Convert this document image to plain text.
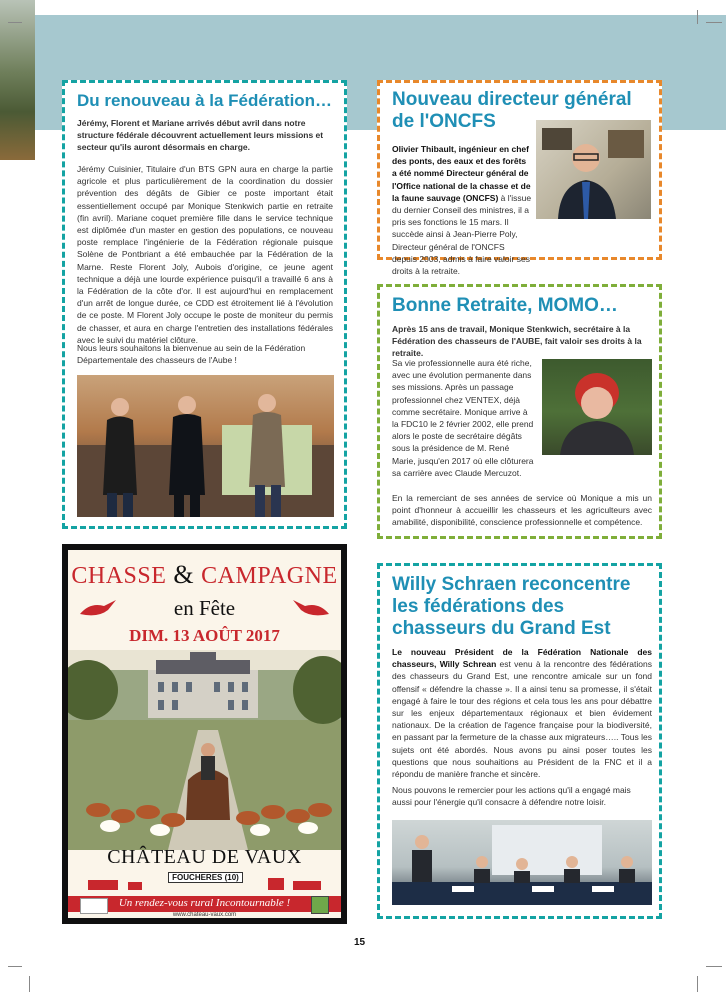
Du renouveau à la Fédération…

Jérémy, Florent et Mariane arrivés début avril dans notre structure fédérale découvrent actuellement leurs missions et secteur qu'ils auront désormais en charge.

Jérémy Cuisinier, Titulaire d'un BTS GPN aura en charge la partie agricole et plus particulièrement de la coordination du dossier prévention des dégâts de Gibier ce poste important était essentiellement occupé par Monique Stenkwich partie en retraite (fin avril). Mariane coquet première fille dans le service technique est diplômée d'un master en gestion des populations, ce nouveau poste remplace l'ingénierie de la Fédération régionale puisque Solène de Pontbriant a été embauchée par la Fédération de la Marne. Reste Florent Joly, Aubois d'origine, ce jeune agent technique a déjà une lourde expérience puisqu'il a travaillé 6 ans à la Fédération de la côte d'or. Il est aujourd'hui en remplacement d'un arrêt de longue durée, ce CDD est étroitement lié à l'évolution de ce poste. M Florent Joly occupe le poste de moniteur du permis de chasser, et aura en charge l'entretien des installations fédérales avec le suivi du matériel clôture.

Nous leurs souhaitons la bienvenue au sein de la Fédération Départementale des chasseurs de l'Aube !

Nouveau directeur général de l'ONCFS

Olivier Thibault, ingénieur en chef des ponts, des eaux et des forêts a été nommé Directeur général de l'Office national de la chasse et de la faune sauvage (ONCFS) à l'issue du dernier Conseil des ministres, il a pris ses fonctions le 15 mars. Il succède ainsi à Jean-Pierre Poly, Directeur général de l'ONCFS depuis 2003, admis à faire valoir ses droits à la retraite.

Bonne Retraite, MOMO…

Après 15 ans de travail, Monique Stenkwich, secrétaire à la Fédération des chasseurs de l'AUBE, fait valoir ses droits à la retraite.

Sa vie professionnelle aura été riche, avec une évolution permanente dans ses missions. Après un passage professionnel chez VENTEX, déjà comme secrétaire. Monique arrive à la FDC10 le 2 février 2002, elle prend alors le poste de secrétaire dégâts sous la présidence de M. René Marie, jusqu'en 2017 où elle clôturera sa carrière avec Claude Mercuzot.

En la remerciant de ses années de service où Monique a mis un point d'honneur à accueillir les chasseurs et les agriculteurs avec amabilité, disponibilité, conscience professionnelle et compétence.

CHASSE & CAMPAGNE
en Fête
DIM. 13 AOÛT 2017
CHÂTEAU DE VAUX
FOUCHERES (10)
Un rendez-vous rural Incontournable !
www.chateau-vaux.com
Willy Schraen reconcentre les fédérations des chasseurs du Grand Est

Le nouveau Président de la Fédération Nationale des chasseurs, Willy Schrean est venu à la rencontre des fédérations des chasseurs du Grand Est, une rencontre amicale sur un fond offensif « défendre la chasse ». Il a ainsi tenu sa promesse, il s'était engagé à faire le tour des régions et cela tous les ans pour débattre sur les enjeux départementaux régionaux et bien évidement nationaux. De la création de l'agence française pour la biodiversité, en passant par la fermeture de la chasse aux migrateurs….. Tous les sujets ont été abordés. Nous avons pu ainsi poser toutes les questions que nous souhaitions au Président de la FNC et il a répondu de manière franche et sincère.

Nous pouvons le remercier pour les actions qu'il a engagé mais aussi pour l'énergie qu'il consacre à défendre notre loisir.

15
